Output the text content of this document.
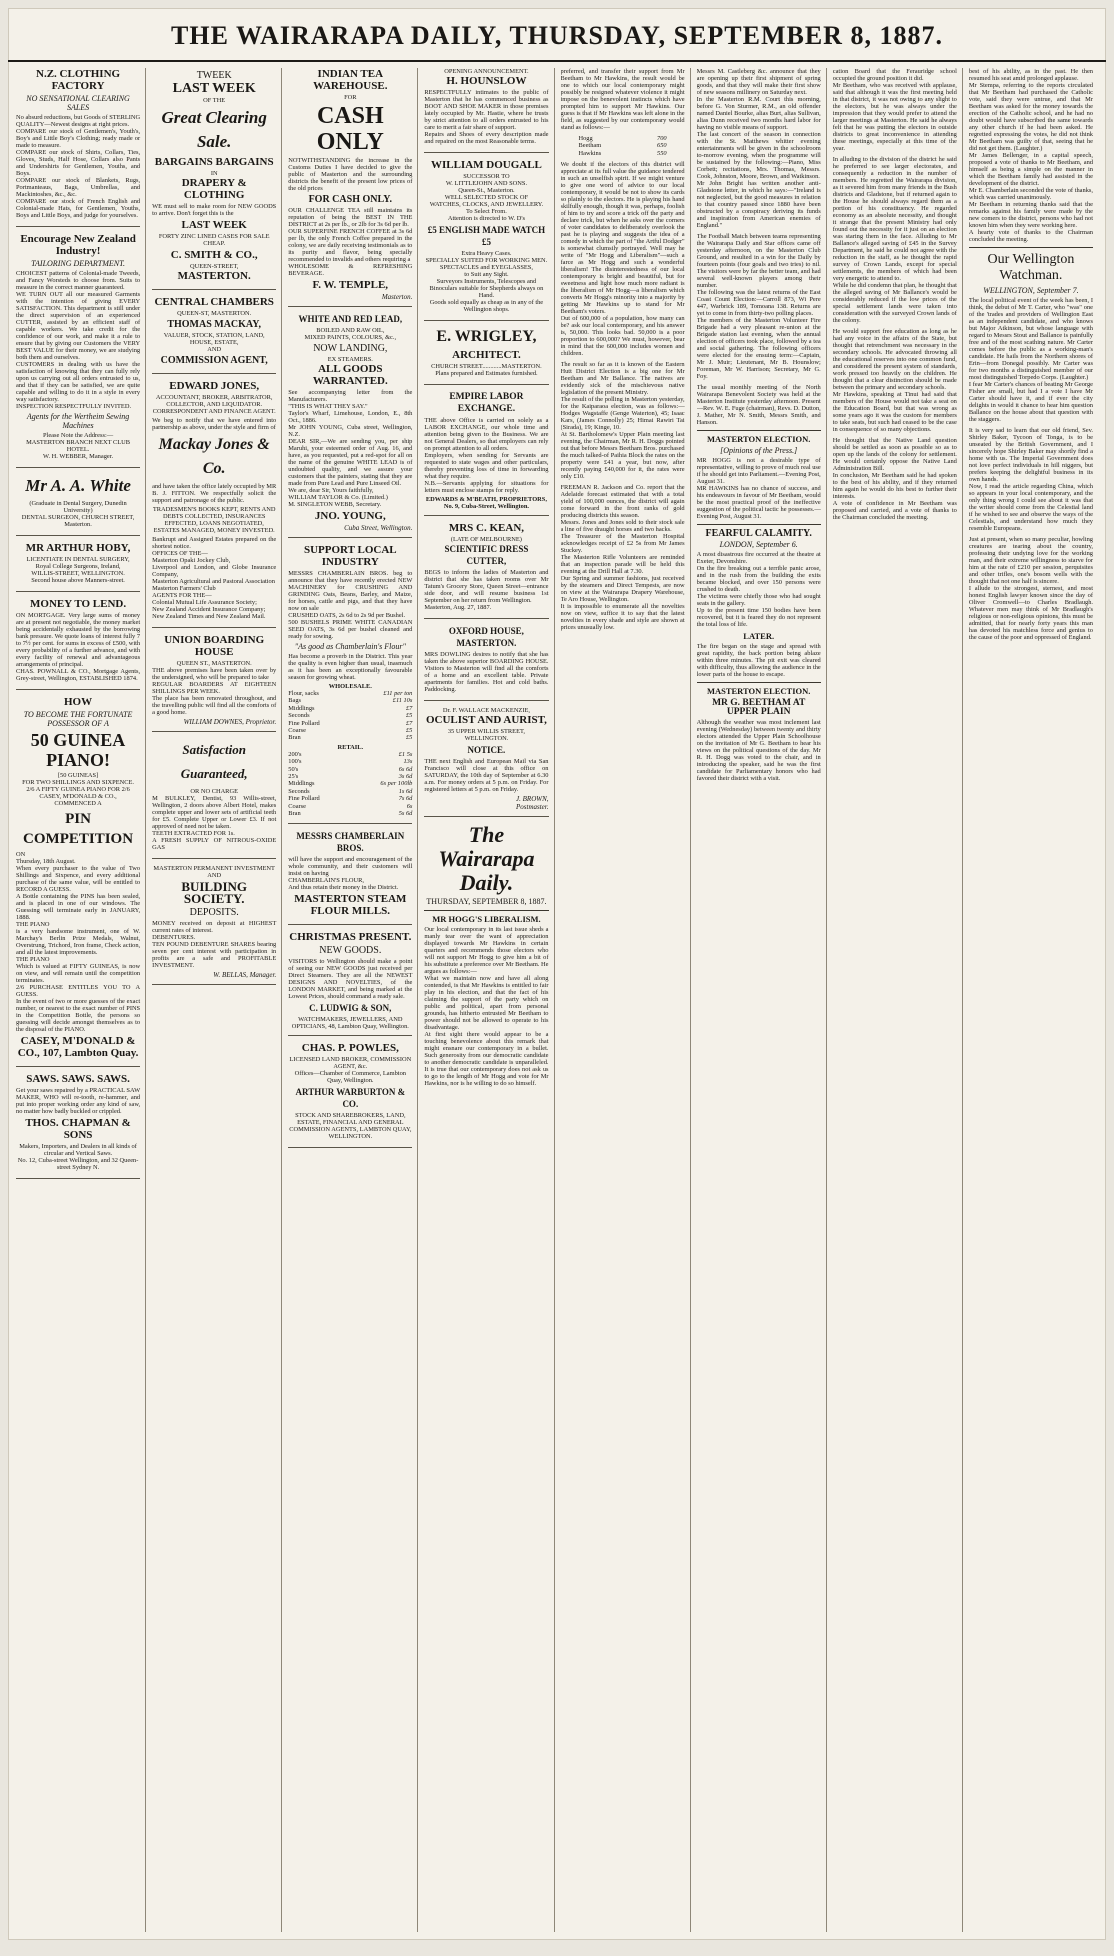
THE WAIRARAPA DAILY, THURSDAY, SEPTEMBER 8, 1887.
N.Z. CLOTHING FACTORY
NO SENSATIONAL CLEARING SALES
No absurd reductions, but Goods of STERLING QUALITY—Newest designs at right prices.
COMPARE our stock of Gentlemen's, Youth's, Boy's and Little Boy's Clothing; ready made or made to measure.
COMPARE our stock of Shirts, Collars, Ties, Gloves, Studs, Half Hose, Collars also Pants and Undershirts for Gentlemen, Youths, and Boys.
COMPARE our stock of Blankets, Rugs, Portmanteaus, Bags, Umbrellas, and Mackintoshes, &c., &c.
COMPARE our stock of French English and Colonial-made Hats, for Gentlemen, Youths, Boys and Little Boys, and judge for yourselves.
Encourage New Zealand Industry!
TAILORING DEPARTMENT.
CHOICEST patterns of Colonial-made Tweeds, and Fancy Worsteds to choose from. Suits to measure in the correct manner guaranteed.
WE TURN OUT all our measured Garments with the intention of giving EVERY SATISFACTION. This department is still under the direct supervision of an experienced CUTTER, assisted by an efficient staff of capable workers. We take credit for the confidence of our work, and make it a rule to ensure that by giving our Customers the VERY BEST VALUE for their money, we are studying both them and ourselves.
CUSTOMERS in dealing with us have the satisfaction of knowing that they can fully rely upon us carrying out all orders entrusted to us, and that if they can be satisfied, we are quite capable and willing to do it in a style in every way satisfactory.
INSPECTION RESPECTFULLY INVITED.
Agents for the Wertheim Sewing Machines
Please Note the Address:—
MASTERTON BRANCH NEXT CLUB HOTEL.
W. H. WEBBER, Manager.
Mr A. A. White
(Graduate in Dental Surgery, Dunedin University)
DENTAL SURGEON, CHURCH STREET, Masterton.
MR ARTHUR HOBY,
LICENTIATE IN DENTAL SURGERY,
Royal College Surgeons, Ireland,
WILLIS-STREET, WELLINGTON.
Second house above Manners-street.
MONEY TO LEND.
ON MORTGAGE. Very large sums of money are at present not negotiable, the money market being accidentally exhausted by the borrowing bank pressure. We quote loans of interest fully 7 to 7½ per cent. for sums in excess of £500, with every probability of a further advance, and with every facility of renewal and advantageous arrangements of principal.
CHAS. POWNALL & CO., Mortgage Agents, Grey-street, Wellington, ESTABLISHED 1874.
HOW
TO BECOME THE FORTUNATE POSSESSOR OF A
50 GUINEA PIANO!
[50 GUINEAS]
FOR TWO SHILLINGS AND SIXPENCE.
2/6 A FIFTY GUINEA PIANO FOR 2/6
CASEY, M'DONALD & CO.,
COMMENCED A
PIN COMPETITION
ON
Thursday, 18th August.
When every purchaser to the value of Two Shillings and Sixpence, and every additional purchase of the same value, will be entitled to RECORD A GUESS.
A Bottle containing the PINS has been sealed, and is placed in one of our windows. The Guessing will terminate early in JANUARY, 1888.
THE PIANO
is a very handsome instrument, one of W. Marchay's Berlin Prize Medals, Walnut, Overstrung, Trichord, Iron frame, Check action, and all the latest improvements.
THE PIANO
Which is valued at FIFTY GUINEAS, is now on view, and will remain until the competition terminates.
2/6 PURCHASE ENTITLES YOU TO A GUESS.
In the event of two or more guesses of the exact number, or nearest to the exact number of PINS in the Competition Bottle, the persons so guessing will decide amongst themselves as to the disposal of the PIANO.
CASEY, M'DONALD & CO., 107, Lambton Quay.
SAWS. SAWS. SAWS.
Get your saws repaired by a PRACTICAL SAW MAKER, WHO will re-tooth, re-hammer, and put into proper working order any kind of saw, no matter how badly buckled or crippled.
THOS. CHAPMAN & SONS
Makers, Importers, and Dealers in all kinds of circular and Vertical Saws.
No. 12, Cuba-street Wellington, and 32 Queen-street Sydney N.
TWEEK
LAST WEEK
OF THE
Great Clearing Sale.
BARGAINS BARGAINS
IN
DRAPERY & CLOTHING
WE must sell to make room for NEW GOODS to arrive. Don't forget this is the
LAST WEEK
FORTY ZINC LINED CASES FOR SALE CHEAP.
C. SMITH & CO.,
QUEEN-STREET,
MASTERTON.
CENTRAL CHAMBERS
QUEEN-ST, MASTERTON.
THOMAS MACKAY,
VALUER, STOCK, STATION, LAND, HOUSE, ESTATE,
AND
COMMISSION AGENT,
EDWARD JONES,
ACCOUNTANT, BROKER, ARBITRATOR, COLLECTOR, AND LIQUIDATOR.
CORRESPONDENT AND FINANCE AGENT.
We beg to notify that we have entered into partnership as above, under the style and firm of
Mackay Jones & Co.
and have taken the office lately occupied by MR B. J. FITTON. We respectfully solicit the support and patronage of the public.
TRADESMEN'S BOOKS KEPT, RENTS AND DEBTS COLLECTED, INSURANCES EFFECTED, LOANS NEGOTIATED, ESTATES MANAGED, MONEY INVESTED.
Bankrupt and Assigned Estates prepared on the shortest notice.
OFFICES OF THE—
Masterton Opaki Jockey Club,
Liverpool and London, and Globe Insurance Company,
Masterton Agricultural and Pastoral Association
Masterton Farmers' Club
AGENTS FOR THE—
Colonial Mutual Life Assurance Society;
New Zealand Accident Insurance Company;
New Zealand Times and New Zealand Mail.
UNION BOARDING HOUSE
QUEEN ST., MASTERTON.
THE above premises have been taken over by the undersigned, who will be prepared to take
REGULAR BOARDERS AT EIGHTEEN SHILLINGS PER WEEK.
The place has been renovated throughout, and the travelling public will find all the comforts of a good home.
WILLIAM DOWNES, Proprietor.
Satisfaction Guaranteed,
OR NO CHARGE
M BULKLEY, Dentist, 93 Willis-street, Wellington, 2 doors above Albert Hotel, makes complete upper and lower sets of artificial teeth for £5. Complete Upper or Lower £3. If not approved of need not be taken.
TEETH EXTRACTED FOR 1s.
A FRESH SUPPLY OF NITROUS-OXIDE GAS
MASTERTON PERMANENT INVESTMENT AND
BUILDING SOCIETY.
DEPOSITS.
MONEY received on deposit at HIGHEST current rates of interest.
DEBENTURES.
TEN POUND DEBENTURE SHARES bearing seven per cent interest with participation in profits are a safe and PROFITABLE INVESTMENT.
W. BELLAS, Manager.
INDIAN TEA WAREHOUSE.
FOR
CASH ONLY
NOTWITHSTANDING the increase in the Customs Duties I have decided to give the public of Masterton and the surrounding districts the benefit of the present low prices of the old prices
FOR CASH ONLY.
OUR CHALLENGE TEA still maintains its reputation of being the BEST IN THE DISTRICT at 2s per lb., or 2lb for 3s 6d per lb.
OUR SUPERFINE FRENCH COFFEE at 3s 6d per lb, the only French Coffee prepared in the colony, we are daily receiving testimonials as to its purity and flavor, being specially recommended to invalids and others requiring a
WHOLESOME & REFRESHING BEVERAGE.
F. W. TEMPLE,
Masterton.
WHITE AND RED LEAD,
BOILED AND RAW OIL,
MIXED PAINTS, COLOURS, &c.,
NOW LANDING,
EX STEAMERS.
ALL GOODS WARRANTED.
See accompanying letter from the Manufacturers.
"THIS IS WHAT THEY SAY."
Taylor's Wharf, Limehouse, London, E., 8th Oct., 1886.
Mr JOHN YOUNG, Cuba street, Wellington, N.Z.
DEAR SIR,—We are sending you, per ship Maruhi, your esteemed order of Aug. 16, and have, as you requested, put a red-spot for all on the name of the genuine WHITE LEAD is of undoubted quality, and we assure your customers that the painters, stating that they are made from Pure Lead and Pure Linseed Oil.
We are, dear Sir, Yours faithfully,
WILLIAM TAYLOR & Co. (Limited.)
M. SINGLETON WEBB, Secretary.
JNO. YOUNG,
Cuba Street, Wellington.
SUPPORT LOCAL INDUSTRY
MESSRS CHAMBERLAIN BROS. beg to announce that they have recently erected NEW MACHINERY for CRUSHING AND GRINDING Oats, Beans, Barley, and Maize, for horses, cattle and pigs, and that they have now on sale
CRUSHED OATS, 2s 6d to 2s 9d per Bushel.
500 BUSHELS PRIME WHITE CANADIAN SEED OATS, 3s 6d per bushel cleaned and ready for sowing.
"As good as Chamberlain's Flour"
Has become a proverb in the District. This year the quality is even higher than usual, inasmuch as it has been an exceptionally favourable season for growing wheat.
WHOLESALE.
Flour, sacks	£11 per ton
Bags	£11 10s
Middlings	£7
Seconds	£5
Fine Pollard	£7
Coarse	£5
Bran	£5
RETAIL.
200's	£1 5s
100's	13s
50's	6s 6d
25's	3s 6d
Middlings	6s per 100lb
Seconds	1s 6d
Fine Pollard	7s 6d
Coarse	6s
Bran	5s 6d
MESSRS CHAMBERLAIN BROS.
will have the support and encouragement of the whole community, and their customers will insist on having
CHAMBERLAIN'S FLOUR,
And thus retain their money in the District.
MASTERTON STEAM FLOUR MILLS.
CHRISTMAS PRESENT.
NEW GOODS.
VISITORS to Wellington should make a point of seeing our NEW GOODS just received per Direct Steamers. They are all the NEWEST DESIGNS AND NOVELTIES, of the LONDON MARKET, and being marked at the Lowest Prices, should command a ready sale.
C. LUDWIG & SON,
WATCHMAKERS, JEWELLERS, AND OPTICIANS, 48, Lambton Quay, Wellington.
CHAS. P. POWLES,
LICENSED LAND BROKER, COMMISSION AGENT, &c.
Offices—Chamber of Commerce, Lambton Quay, Wellington.
ARTHUR WARBURTON & CO.
STOCK AND SHAREBROKERS, LAND, ESTATE, FINANCIAL AND GENERAL COMMISSION AGENTS, LAMBTON QUAY, WELLINGTON.
OPENING ANNOUNCEMENT.
H. HOUNSLOW
RESPECTFULLY intimates to the public of Masterton that he has commenced business as BOOT AND SHOE MAKER in those premises lately occupied by Mr. Hastie, where he trusts by strict attention to all orders entrusted to his care to merit a fair share of support.
Repairs and Shoes of every description made and repaired on the most Reasonable terms.
WILLIAM DOUGALL
SUCCESSOR TO
W. LITTLEJOHN AND SONS.
Queen-St., Masterton.
WELL SELECTED STOCK OF
WATCHES, CLOCKS, AND JEWELLERY.
To Select From.
Attention is directed to W. D's
£5 ENGLISH MADE WATCH £5
Extra Heavy Cases.
SPECIALLY SUITED FOR WORKING MEN.
SPECTACLES and EYEGLASSES,
to Suit any Sight.
Surveyors Instruments, Telescopes and Binoculars suitable for Shepherds always on Hand.
Goods sold equally as cheap as in any of the Wellington shops.
E. WRIGLEY,
ARCHITECT.
CHURCH STREET............MASTERTON.
Plans prepared and Estimates furnished.
EMPIRE LABOR EXCHANGE.
THE above Office is carried on solely as a LABOR EXCHANGE, our whole time and attention being given to the Business. We are not General Dealers, so that employers can rely on prompt attention to all orders.
Employers, when sending for Servants are requested to state wages and other particulars, thereby preventing loss of time in forwarding what they require.
N.B.—Servants applying for situations for letters must enclose stamps for reply.
EDWARDS & M'BEATH, PROPRIETORS, No. 9, Cuba-Street, Wellington.
MRS C. KEAN,
(LATE OF MELBOURNE)
SCIENTIFIC DRESS CUTTER,
BEGS to inform the ladies of Masterton and district that she has taken rooms over Mr Tatum's Grocery Store, Queen Street—entrance side door, and will resume business 1st September on her return from Wellington.
Masterton, Aug. 27, 1887.
OXFORD HOUSE, MASTERTON.
MRS DOWLING desires to notify that she has taken the above superior BOARDING HOUSE. Visitors to Masterton will find all the comforts of a home and an excellent table. Private apartments for families. Hot and cold baths. Paddocking.
Dr. F. WALLACE MACKENZIE,
OCULIST AND AURIST,
35 UPPER WILLIS STREET,
WELLINGTON.
NOTICE.
THE next English and European Mail via San Francisco will close at this office on SATURDAY, the 10th day of September at 6.30 a.m. For money orders at 5 p.m. on Friday. For registered letters at 5 p.m. on Friday.
J. BROWN,
Postmaster.
The Wairarapa Daily.
THURSDAY, SEPTEMBER 8, 1887.
MR HOGG'S LIBERALISM.
Our local contemporary in its last issue sheds a manly tear over the want of appreciation displayed towards Mr Hawkins in certain quarters and recommends those electors who will not support Mr Hogg to give him a bit of his substitute a preference over Mr Beetham. He argues as follows:—
What we maintain now and have all along contended, is that Mr Hawkins is entitled to fair play in his election, and that the fact of his claiming the support of the party which on public and political, apart from personal grounds, has hitherto entrusted Mr Beetham to power should not be allowed to operate to his disadvantage.
At first sight there would appear to be a touching benevolence about this remark that might ensnare our contemporary in a bullet. Such generosity from our democratic candidate to another democratic candidate is unparalleled. It is true that our contemporary does not ask us to go to the length of Mr Hogg and vote for Mr Hawkins, nor is he willing to do so himself.
preferred, and transfer their support from Mr Beetham to Mr Hawkins, the result would be one to which our local contemporary might possibly be resigned whatever violence it might impose on the benevolent instincts which have prompted him to support Mr Hawkins. Our guess is that if Mr Hawkins was left alone in the field, as suggested by our contemporary would stand as follows:—
Hogg	700
Beetham	650
Hawkins	550
We doubt if the electors of this district will appreciate at its full value the guidance tendered in such an unselfish spirit. If we might venture to give one word of advice to our local contemporary, it would be not to show its cards so plainly to the electors. He is playing his hand skilfully enough, though it was, perhaps, foolish of him to try and score a trick off the party and declare trick, but when he asks over the corners of voter candidates to deliberately overlook the past he is playing and suggests the idea of a comedy in which the part of "the Artful Dodger" is somewhat clumsily portrayed. Well may he write of "Mr Hogg and Liberalism"—such a farce as Mr Hogg and such a wonderful liberalism! The disinterestedness of our local contemporary is bright and beautiful, but for sweetness and light how much more radiant is the liberalism of Mr Hogg—a liberalism which converts Mr Hogg's minority into a majority by getting Mr Hawkins up to stand for Mr Beetham's voters.
Out of 600,000 of a population, how many can be? ask our local contemporary, and his answer is, 50,000. This looks bad. 50,000 is a poor proportion to 600,000? We must, however, bear in mind that the 600,000 includes women and children.
The result so far as it is known of the Eastern Hutt District Election is a big one for Mr Beetham and Mr Ballance. The natives are evidently sick of the mischievous native legislation of the present Ministry.
The result of the polling in Masterton yesterday, for the Kaiparaoa election, was as follows:—Hodges Wagstaffe (Genge Waterton), 45; Isaac Kars, (James Connolly) 25; Himai Rawiri Tai (Sirada), 19; Kinge, 10.
At St. Bartholomew's Upper Plain meeting last evening, the Chairman, Mr R. H. Doggs pointed out that before Messrs Beetham Bros. purchased the much talked-of Paihia Block the rates on the property were £41 a year, but now, after recently paying £40,000 for it, the rates were only £10.
FREEMAN R. Jackson and Co. report that the Adelaide forecast estimated that with a total yield of 100,000 ounces, the district will again come forward in the front ranks of gold producing districts this season.
Messrs. Jones and Jones sold to their stock sale a line of five draught horses and two hacks.
The Treasurer of the Masterton Hospital acknowledges receipt of £2 5s from Mr James Stuckey.
The Masterton Rifle Volunteers are reminded that an inspection parade will be held this evening at the Drill Hall at 7.30.
Our Spring and summer fashions, just received by the steamers and Direct Tempests, are now on view at the Wairarapa Drapery Warehouse, Te Aro House, Wellington.
It is impossible to enumerate all the novelties now on view, suffice it to say that the latest novelties in every shade and style are shown at prices unusually low.
Messrs M. Castleberg &c. announce that they are opening up their first shipment of spring goods, and that they will make their first show of new seasons millinery on Saturday next.
In the Masterton R.M. Court this morning, before G. Von Sturmer, R.M., an old offender named Daniel Bourke, alias Burt, alias Sullivan, alias Dunn received two months hard labor for having no visible means of support.
The last concert of the season in connection with the St. Matthews whitter evening entertainments will be given in the schoolroom to-morrow evening, when the programme will be sustained by the following:—Piano, Miss Corbett; recitations, Mrs. Thomas, Messrs. Cook, Johnston, Moore, Brown, and Watkinson.
Mr John Bright has written another anti-Gladstone letter, in which he says:—"Ireland is not neglected, but the good measures in relation to that country passed since 1880 have been obstructed by a conspiracy deriving its funds and inspiration from American enemies of England."
The Football Match between teams representing the Wairarapa Daily and Star offices came off yesterday afternoon, on the Masterton Club Ground, and resulted in a win for the Daily by fourteen points (four goals and two tries) to nil. The visitors were by far the better team, and had several well-known players among their number.
The following was the latest returns of the East Coast Count Election:—Carroll 873, Wi Pere 447, Warbrick 189, Tomoana 138. Returns are yet to come in from thirty-two polling places.
The members of the Masterton Volunteer Fire Brigade had a very pleasant re-union at the Brigade station last evening, when the annual election of officers took place, followed by a tea and social gathering. The following officers were elected for the ensuing term:—Captain, Mr J. Muir; Lieutenant, Mr B. Hounslow; Foreman, Mr W. Harrison; Secretary, Mr G. Foy.
The usual monthly meeting of the North Wairarapa Benevolent Society was held at the Masterton Institute yesterday afternoon. Present—Rev. W. E. Fuge (chairman), Revs. D. Dutton, J. Mather, Mr N. Smith, Messrs Smith, and Hanson.
MASTERTON ELECTION.
[Opinions of the Press.]
MR HOGG is not a desirable type of representative, willing to prove of much real use if he should get into Parliament.—Evening Post, August 31.
MR HAWKINS has no chance of success, and his endeavours in favour of Mr Beetham, would be the most practical proof of the ineffective suggestion of the political tactic he possesses.—Evening Post, August 31.
FEARFUL CALAMITY.
LONDON, September 6.
A most disastrous fire occurred at the theatre at Exeter, Devonshire.
On the fire breaking out a terrible panic arose, and in the rush from the building the exits became blocked, and over 150 persons were crushed to death.
The victims were chiefly those who had sought seats in the gallery.
Up to the present time 150 bodies have been recovered, but it is feared they do not represent the total loss of life.
LATER.
The fire began on the stage and spread with great rapidity, the back portion being ablaze within three minutes. The pit exit was cleared with difficulty, thus allowing the audience in the lower parts of the house to escape.
MASTERTON ELECTION.
MR G. BEETHAM AT UPPER PLAIN
Although the weather was most inclement last evening (Wednesday) between twenty and thirty electors attended the Upper Plain Schoolhouse on the invitation of Mr G. Beetham to hear his views on the political questions of the day. Mr R. H. Dogg was voted to the chair, and in introducing the speaker, said he was the first candidate for Parliamentary honors who had favored their district with a visit.
cation Board that the Ferauridge school occupied the ground position it did.
Mr Beetham, who was received with applause, said that although it was the first meeting held in that district, it was not owing to any slight to the electors, but he was always under the impression that they would prefer to attend the larger meetings at Masterton. He said he always felt that he was putting the electors in outside districts to great inconvenience in attending these meetings, especially at this time of the year.
In alluding to the division of the district he said he preferred to see larger electorates, and consequently a reduction in the number of members. He regretted the Wairarapa division, as it severed him from many friends in the Bush districts and Gladstone, but if returned again to the House he should always regard them as a portion of his constituency. He regarded economy as an absolute necessity, and thought it strange that the present Ministry had only found out the necessity for it just on an election was staring them in the face. Alluding to Mr Ballance's alleged saving of £45 in the Survey Department, he said he could not agree with the reduction in the staff, as he thought the rapid survey of Crown Lands, except for special settlements, the members of which had been very energetic to attend to.
While he did condemn that plan, he thought that the alleged saving of Mr Ballance's would be considerably reduced if the low prices of the special settlement lands were taken into consideration with the surveyed Crown lands of the colony.
He would support free education as long as he had any voice in the affairs of the State, but thought that retrenchment was necessary in the secondary schools. He advocated throwing all the educational reserves into one common fund, and considered the present system of standards, work pressed too heavily on the children. He thought that a clear distinction should be made between the primary and secondary schools.
Mr Hawkins, speaking at Tinui had said that members of the House would not take a seat on the Education Board, but that was wrong as some years ago it was the custom for members to take seats, but such had ceased to be the case in consequence of so many objections.
He thought that the Native Land question should be settled as soon as possible so as to open up the lands of the colony for settlement. He would certainly oppose the Native Land Administration Bill.
In conclusion, Mr Beetham said he had spoken to the best of his ability, and if they returned him again he would do his best to further their interests.
A vote of confidence in Mr Beetham was proposed and carried, and a vote of thanks to the Chairman concluded the meeting.
best of his ability, as in the past. He then resumed his seat amid prolonged applause.
Mr Stempa, referring to the reports circulated that Mr Beetham had purchased the Catholic vote, said they were untrue, and that Mr Beetham was asked for the money towards the erection of the Catholic school, and he had no doubt would have subscribed the same towards any other church if he had been asked. He regretted expressing the votes, he did not think Mr Beetham was guilty of that, seeing that he did not get them. (Laughter.)
Mr James Bellenger, in a capital speech, proposed a vote of thanks to Mr Beetham, and himself as being a simple on the manner in which the Beetham family had assisted in the development of the district.
Mr E. Chamberlain seconded the vote of thanks, which was carried unanimously.
Mr Beetham in returning thanks said that the remarks against his family were made by the new comers to the district, persons who had not known him when they were working here.
A hearty vote of thanks to the Chairman concluded the meeting.
Our Wellington Watchman.
WELLINGTON, September 7.
The local political event of the week has been, I think, the debut of Mr T. Carter, who "was" one of the 'trades and providers of Wellington East as an independent candidate, and who knows but Major Atkinson, but whose language with regard to Messrs Stout and Ballance is painfully free and of the most scathing nature. Mr Carter comes before the public as a working-man's candidate. He hails from the Northern shores of Erin—from Donegal possibly. Mr Carter was for two months a distinguished member of our most distinguished Torpedo Corps. (Laughter.)
I fear Mr Carter's chances of beating Mr George Fisher are small, but had I a vote I have Mr Carter should have it, and if ever the city delights in would it chance to hear him question Ballance on the house about that question with the staggers.
It is very sad to learn that our old friend, Sev. Shirley Baker, Tycoon of Tonga, is to be unseated by the British Government, and I sincerely hope Shirley Baker may shortly find a home with us. The Imperial Government does not love perfect individuals in hill niggers, but prefers keeping the delightful business in its own hands.
Now, I read the article regarding China, which so appears in your local contemporary, and the only thing wrong I could see about it was that the writer should come from the Celestial land if he wished to see and observe the ways of the Celestials, and understand how much they resemble Europeans.
Just at present, when so many peculiar, howling creatures are tearing about the country, professing their undying love for the working man, and their extreme willingness to starve for him at the rate of £210 per session, perquisites and other trifles, one's bosom wells with the thought that not one half is sincere.
I allude to the strongest, sternest, and most honest English lawyer known since the day of Oliver Cromwell—to Charles Bradlaugh. Whatever men may think of Mr Bradlaugh's religious or non-religious opinions, this must be admitted, that for nearly forty years this man has devoted his matchless force and genius to the cause of the poor and oppressed of England.
